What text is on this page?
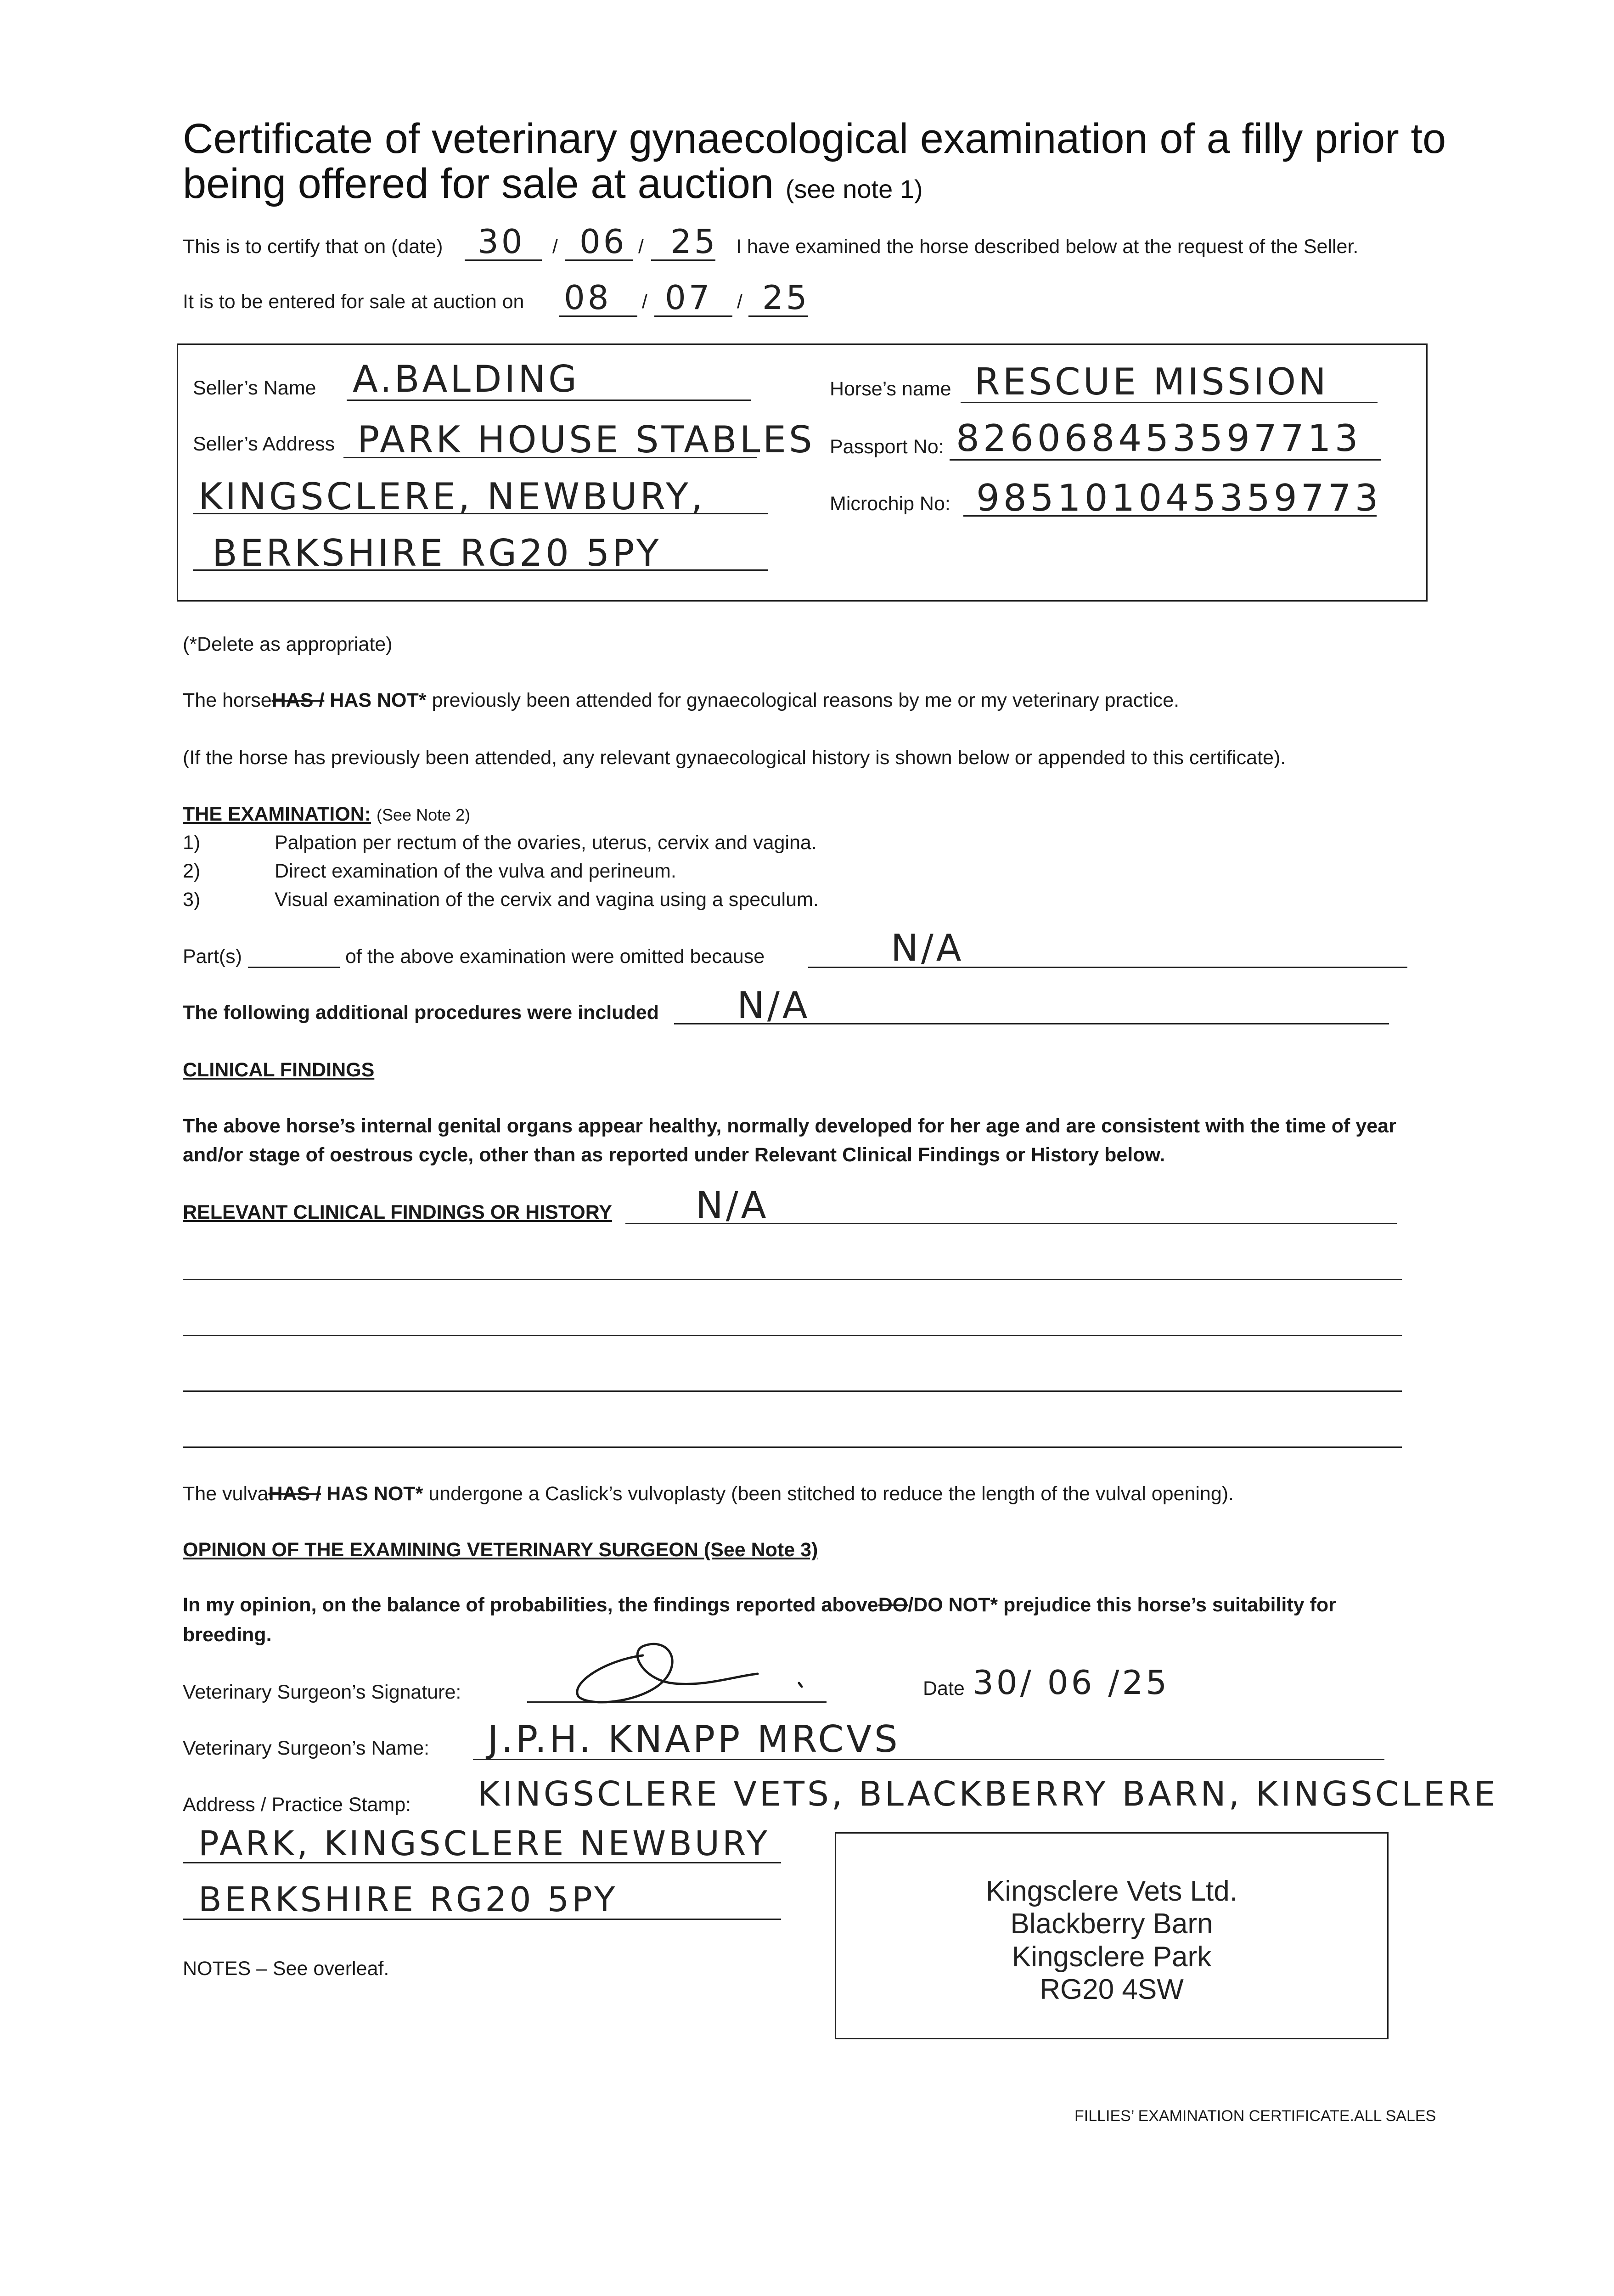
Certificate of veterinary gynaecological examination of a filly prior to
being offered for sale at auction (see note 1)
This is to certify that on (date) 30 / 06 / 25 I have examined the horse described below at the request of the Seller.
It is to be entered for sale at auction on 08 / 07 / 25
Seller’s Name A.BALDING
Seller’s Address PARK HOUSE STABLES
KINGSCLERE, NEWBURY,
BERKSHIRE RG20 5PY
Horse’s name RESCUE MISSION
Passport No: 826068453597713
Microchip No: 985101045359773
(*Delete as appropriate)
The horseHAS / HAS NOT* previously been attended for gynaecological reasons by me or my veterinary practice.
(If the horse has previously been attended, any relevant gynaecological history is shown below or appended to this certificate).
THE EXAMINATION: (See Note 2)
1)	Palpation per rectum of the ovaries, uterus, cervix and vagina.
2)	Direct examination of the vulva and perineum.
3)	Visual examination of the cervix and vagina using a speculum.
Part(s)	of the above examination were omitted because	N/A
The following additional procedures were included N/A
CLINICAL FINDINGS
The above horse’s internal genital organs appear healthy, normally developed for her age and are consistent with the time of year
and/or stage of oestrous cycle, other than as reported under Relevant Clinical Findings or History below.
RELEVANT CLINICAL FINDINGS OR HISTORY N/A
The vulvaHAS / HAS NOT* undergone a Caslick’s vulvoplasty (been stitched to reduce the length of the vulval opening).
OPINION OF THE EXAMINING VETERINARY SURGEON (See Note 3)
In my opinion, on the balance of probabilities, the findings reported aboveDO/DO NOT* prejudice this horse’s suitability for
breeding.
Veterinary Surgeon’s Signature:	Date 30/ 06 /25
Veterinary Surgeon’s Name: J.P.H. KNAPP MRCVS
Address / Practice Stamp: KINGSCLERE VETS, BLACKBERRY BARN, KINGSCLERE
PARK, KINGSCLERE NEWBURY
BERKSHIRE RG20 5PY	Kingsclere Vets Ltd.
Blackberry Barn
Kingsclere Park
RG20 4SW
NOTES – See overleaf.
FILLIES’ EXAMINATION CERTIFICATE.ALL SALES
